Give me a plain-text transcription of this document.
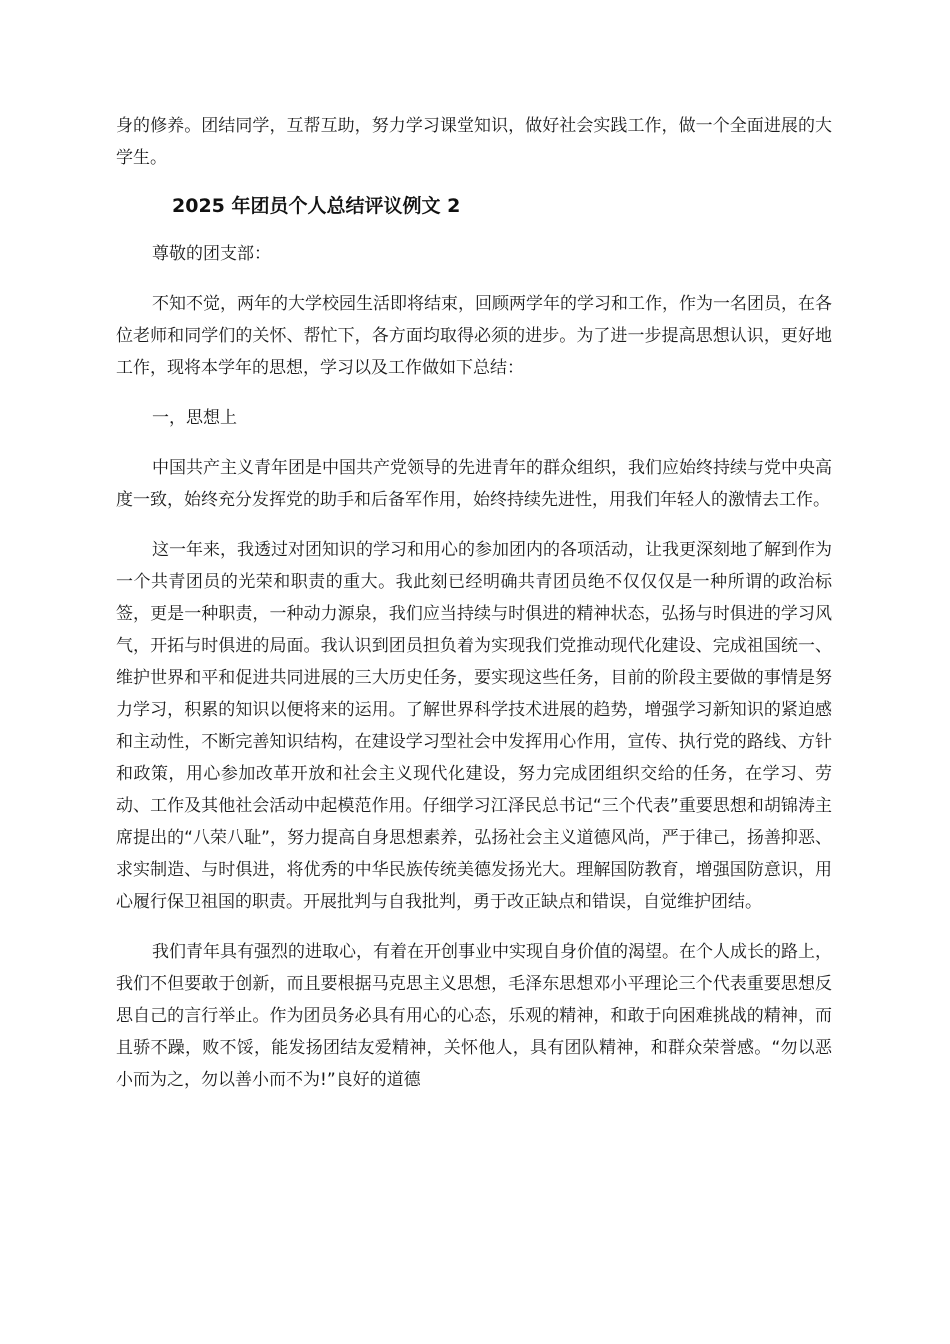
身的修养。团结同学，互帮互助，努力学习课堂知识，做好社会实践工作，做一个全面进展的大学生。

2025 年团员个人总结评议例文 2

尊敬的团支部：

不知不觉，两年的大学校园生活即将结束，回顾两学年的学习和工作，作为一名团员，在各位老师和同学们的关怀、帮忙下，各方面均取得必须的进步。为了进一步提高思想认识，更好地工作，现将本学年的思想，学习以及工作做如下总结：

一，思想上

中国共产主义青年团是中国共产党领导的先进青年的群众组织，我们应始终持续与党中央高度一致，始终充分发挥党的助手和后备军作用，始终持续先进性，用我们年轻人的激情去工作。

这一年来，我透过对团知识的学习和用心的参加团内的各项活动，让我更深刻地了解到作为一个共青团员的光荣和职责的重大。我此刻已经明确共青团员绝不仅仅仅是一种所谓的政治标签，更是一种职责，一种动力源泉，我们应当持续与时俱进的精神状态，弘扬与时俱进的学习风气，开拓与时俱进的局面。我认识到团员担负着为实现我们党推动现代化建设、完成祖国统一、维护世界和平和促进共同进展的三大历史任务，要实现这些任务，目前的阶段主要做的事情是努力学习，积累的知识以便将来的运用。了解世界科学技术进展的趋势，增强学习新知识的紧迫感和主动性，不断完善知识结构，在建设学习型社会中发挥用心作用，宣传、执行党的路线、方针和政策，用心参加改革开放和社会主义现代化建设，努力完成团组织交给的任务，在学习、劳动、工作及其他社会活动中起模范作用。仔细学习江泽民总书记“三个代表”重要思想和胡锦涛主席提出的“八荣八耻”，努力提高自身思想素养，弘扬社会主义道德风尚，严于律己，扬善抑恶、求实制造、与时俱进，将优秀的中华民族传统美德发扬光大。理解国防教育，增强国防意识，用心履行保卫祖国的职责。开展批判与自我批判，勇于改正缺点和错误，自觉维护团结。

我们青年具有强烈的进取心，有着在开创事业中实现自身价值的渴望。在个人成长的路上，我们不但要敢于创新，而且要根据马克思主义思想，毛泽东思想邓小平理论三个代表重要思想反思自己的言行举止。作为团员务必具有用心的心态，乐观的精神，和敢于向困难挑战的精神，而且骄不躁，败不馁，能发扬团结友爱精神，关怀他人，具有团队精神，和群众荣誉感。“勿以恶小而为之，勿以善小而不为!”良好的道德
